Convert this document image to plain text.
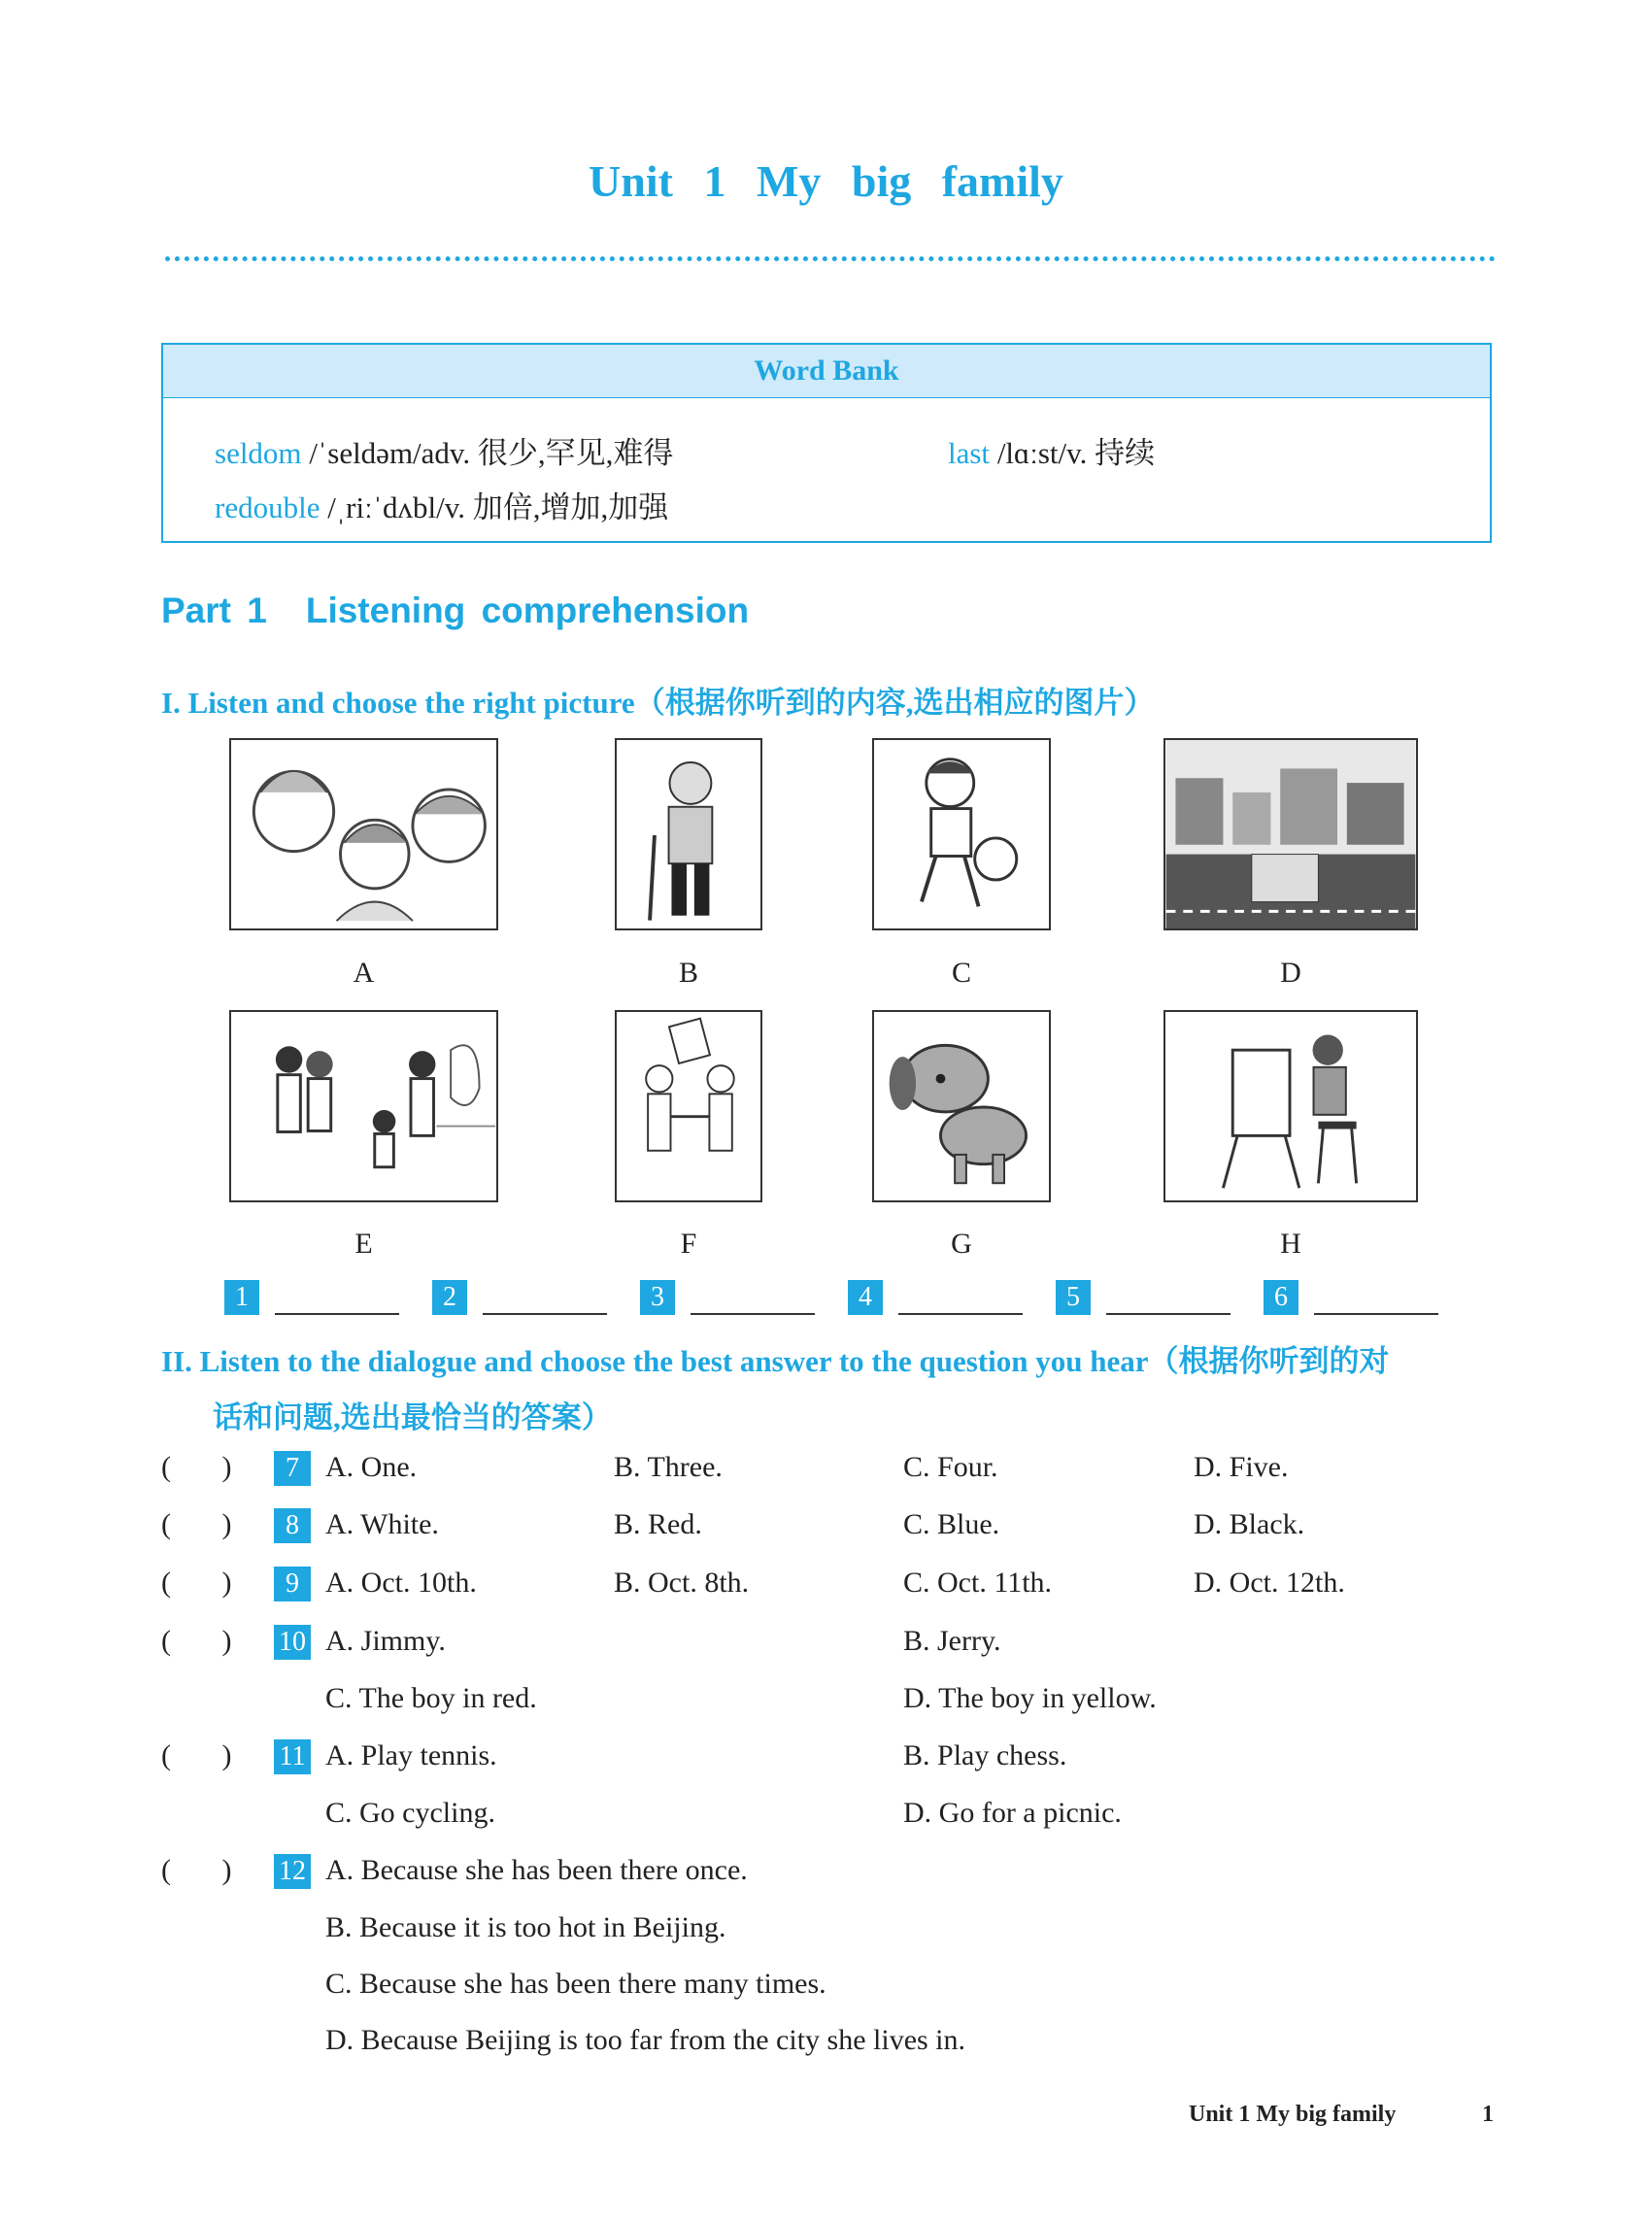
Unit 1 My big family
Word Bank
seldom /ˈseldəm/adv. 很少,罕见,难得	last /lɑːst/v. 持续
redouble /ˌriːˈdʌbl/v. 加倍,增加,加强
Part 1 Listening comprehension
I. Listen and choose the right picture（根据你听到的内容,选出相应的图片）
A	B	C	D
E	F	G	H
1	2	3	4	5	6
II. Listen to the dialogue and choose the best answer to the question you hear（根据你听到的对
话和问题,选出最恰当的答案）
(       )	7 A. One.	B. Three.	C. Four.	D. Five.
(       )	8 A. White.	B. Red.	C. Blue.	D. Black.
(       )	9 A. Oct. 10th.	B. Oct. 8th.	C. Oct. 11th.	D. Oct. 12th.
(       ) 10 A. Jimmy.	B. Jerry.
C. The boy in red.	D. The boy in yellow.
(       ) 11 A. Play tennis.	B. Play chess.
C. Go cycling.	D. Go for a picnic.
(       ) 12 A. Because she has been there once.
B. Because it is too hot in Beijing.
C. Because she has been there many times.
D. Because Beijing is too far from the city she lives in.
Unit 1 My big family	1
